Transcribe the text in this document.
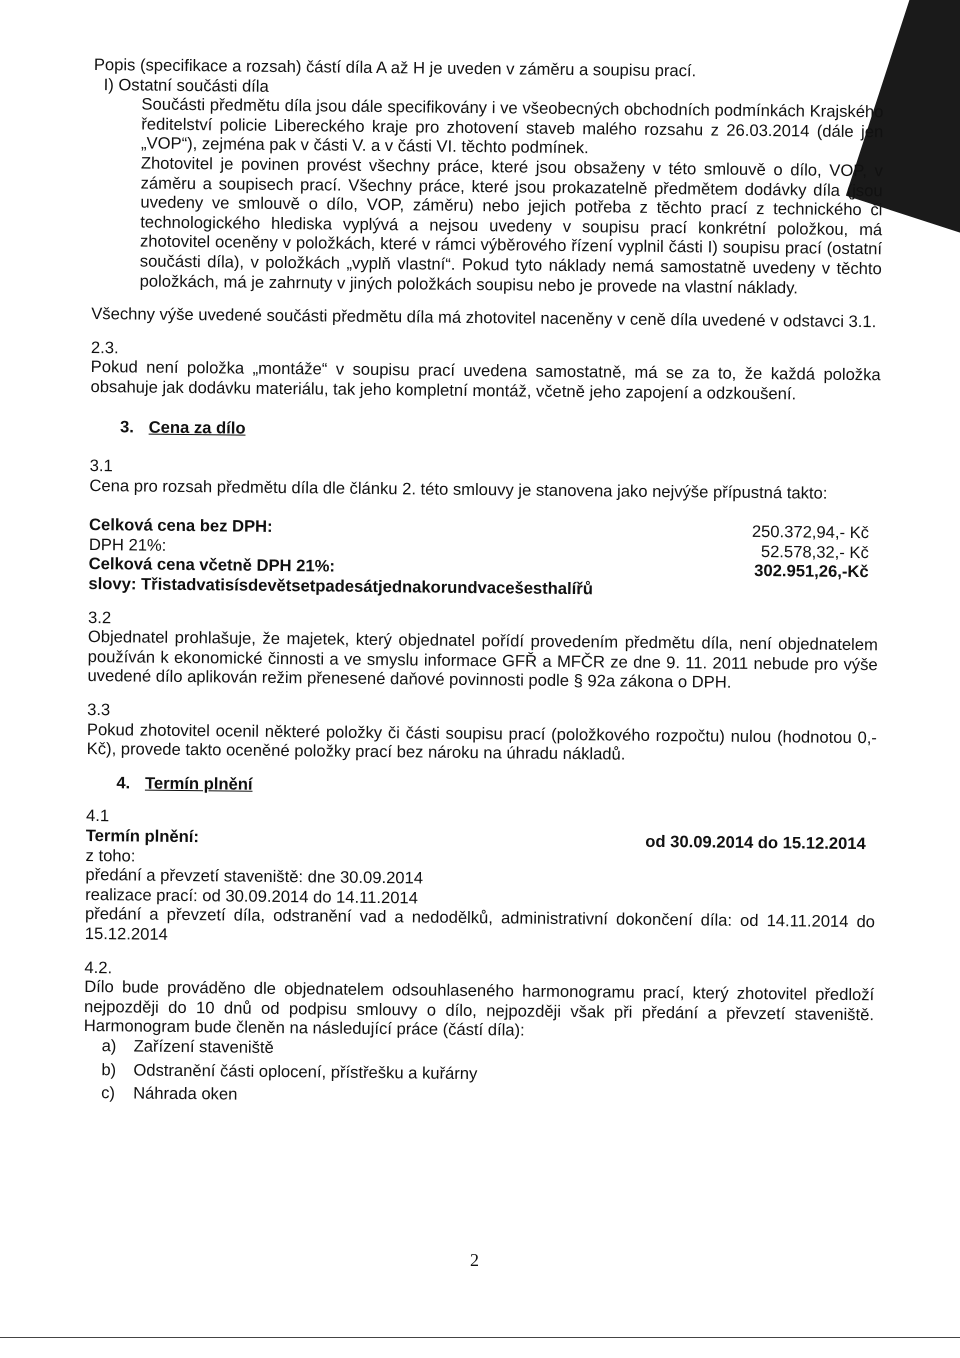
Popis (specifikace a rozsah) částí díla A až H je uveden v záměru a soupisu prací.

I) Ostatní součásti díla

Součásti předmětu díla jsou dále specifikovány i ve všeobecných obchodních podmínkách Krajského ředitelství policie Libereckého kraje pro zhotovení staveb malého rozsahu z 26.03.2014 (dále jen „VOP“), zejména pak v části V. a v části VI. těchto podmínek.

Zhotovitel je povinen provést všechny práce, které jsou obsaženy v této smlouvě o dílo, VOP, v záměru a soupisech prací. Všechny práce, které jsou prokazatelně předmětem dodávky díla (jsou uvedeny ve smlouvě o dílo, VOP, záměru) nebo jejich potřeba z těchto prací z technického či technologického hlediska vyplývá a nejsou uvedeny v soupisu prací konkrétní položkou, má zhotovitel oceněny v položkách, které v rámci výběrového řízení vyplnil části I) soupisu prací (ostatní součásti díla), v položkách „vyplň vlastní“. Pokud tyto náklady nemá samostatně uvedeny v těchto položkách, má je zahrnuty v jiných položkách soupisu nebo je provede na vlastní náklady.

Všechny výše uvedené součásti předmětu díla má zhotovitel naceněny v ceně díla uvedené v odstavci 3.1.

2.3.

Pokud není položka „montáže“ v soupisu prací uvedena samostatně, má se za to, že každá položka obsahuje jak dodávku materiálu, tak jeho kompletní montáž, včetně jeho zapojení a odzkoušení.

3. Cena za dílo

3.1

Cena pro rozsah předmětu díla dle článku 2. této smlouvy je stanovena jako nejvýše přípustná takto:

Celková cena bez DPH:	250.372,94,- Kč
DPH 21%:	52.578,32,- Kč
Celková cena včetně DPH 21%:	302.951,26,-Kč
slovy: Třistadvatisísdevětsetpadesátjednakorundvacešesthalířů

3.2

Objednatel prohlašuje, že majetek, který objednatel pořídí provedením předmětu díla, není objednatelem používán k ekonomické činnosti a ve smyslu informace GFŘ a MFČR ze dne 9. 11. 2011 nebude pro výše uvedené dílo aplikován režim přenesené daňové povinnosti podle § 92a zákona o DPH.

3.3

Pokud zhotovitel ocenil některé položky či části soupisu prací (položkového rozpočtu) nulou (hodnotou 0,-Kč), provede takto oceněné položky prací bez nároku na úhradu nákladů.

4. Termín plnění

4.1

Termín plnění:	od 30.09.2014 do 15.12.2014

z toho:

předání a převzetí staveniště: dne 30.09.2014

realizace prací: od 30.09.2014 do 14.11.2014

předání a převzetí díla, odstranění vad a nedodělků, administrativní dokončení díla: od 14.11.2014 do 15.12.2014

4.2.

Dílo bude prováděno dle objednatelem odsouhlaseného harmonogramu prací, který zhotovitel předloží nejpozději do 10 dnů od podpisu smlouvy o dílo, nejpozději však při předání a převzetí staveniště. Harmonogram bude členěn na následující práce (částí díla):

a) Zařízení staveniště
b) Odstranění části oplocení, přístřešku a kuřárny
c) Náhrada oken
2
